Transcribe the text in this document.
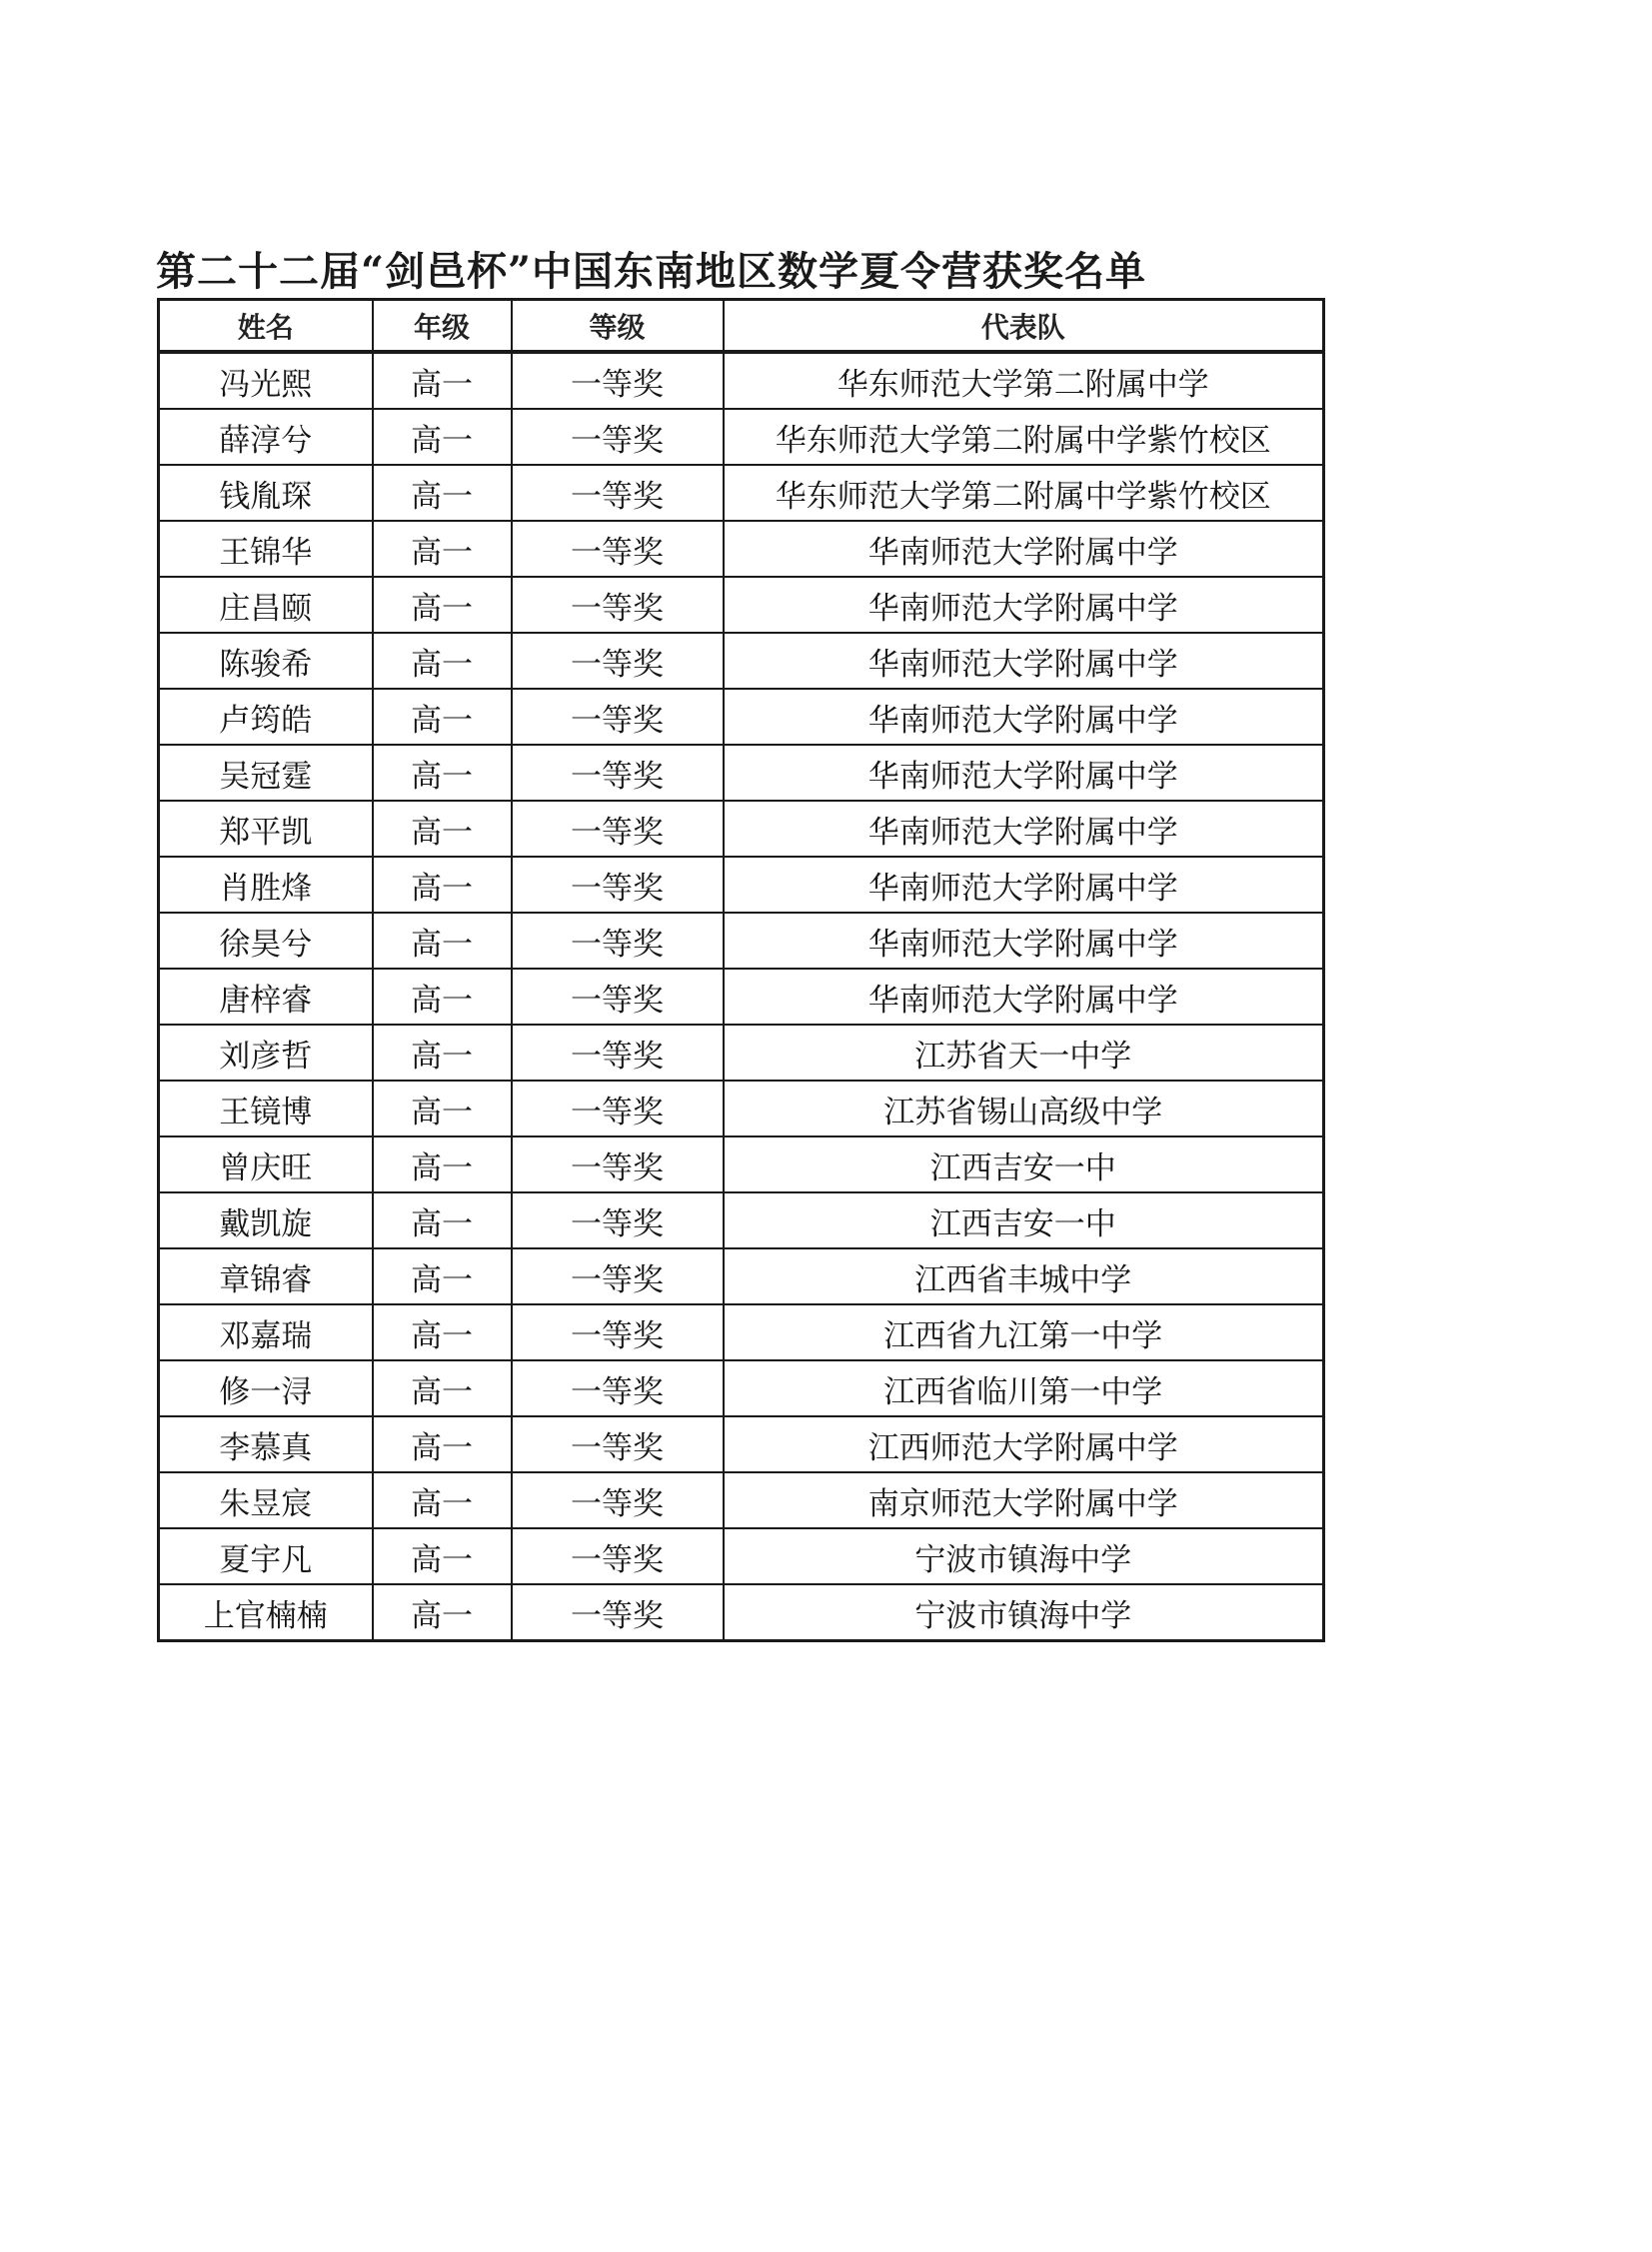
第二十二届“剑邑杯”中国东南地区数学夏令营获奖名单
姓名	年级	等级	代表队
冯光熙	高一	一等奖	华东师范大学第二附属中学
薛淳兮	高一	一等奖	华东师范大学第二附属中学紫竹校区
钱胤琛	高一	一等奖	华东师范大学第二附属中学紫竹校区
王锦华	高一	一等奖	华南师范大学附属中学
庄昌颐	高一	一等奖	华南师范大学附属中学
陈骏希	高一	一等奖	华南师范大学附属中学
卢筠皓	高一	一等奖	华南师范大学附属中学
吴冠霆	高一	一等奖	华南师范大学附属中学
郑平凯	高一	一等奖	华南师范大学附属中学
肖胜烽	高一	一等奖	华南师范大学附属中学
徐昊兮	高一	一等奖	华南师范大学附属中学
唐梓睿	高一	一等奖	华南师范大学附属中学
刘彦哲	高一	一等奖	江苏省天一中学
王镜博	高一	一等奖	江苏省锡山高级中学
曾庆旺	高一	一等奖	江西吉安一中
戴凯旋	高一	一等奖	江西吉安一中
章锦睿	高一	一等奖	江西省丰城中学
邓嘉瑞	高一	一等奖	江西省九江第一中学
修一浔	高一	一等奖	江西省临川第一中学
李慕真	高一	一等奖	江西师范大学附属中学
朱昱宸	高一	一等奖	南京师范大学附属中学
夏宇凡	高一	一等奖	宁波市镇海中学
上官楠楠	高一	一等奖	宁波市镇海中学
